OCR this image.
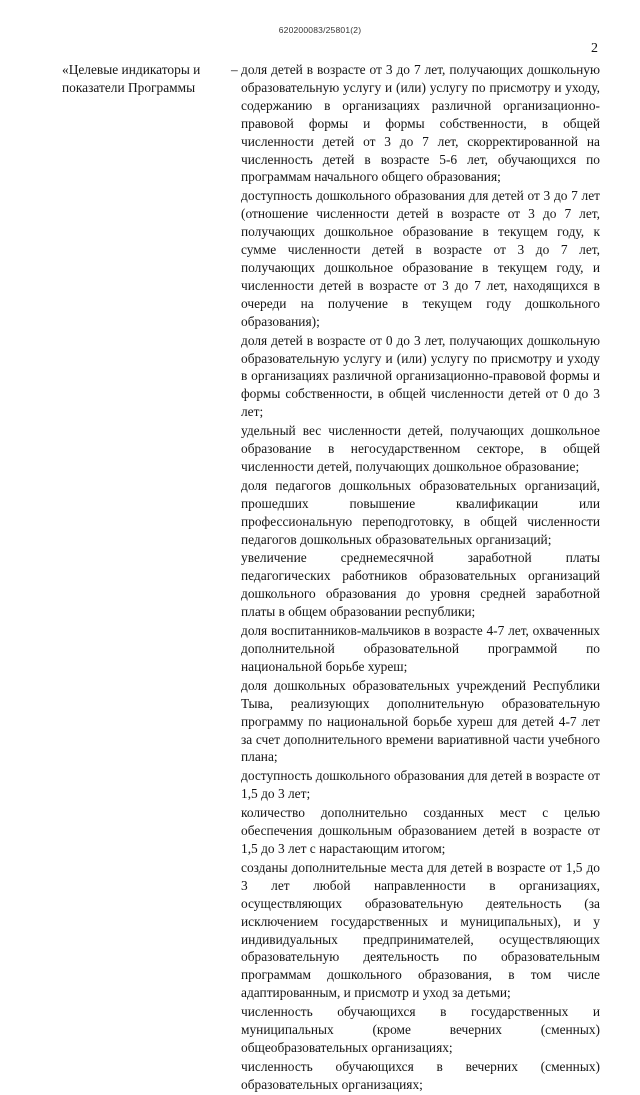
620200083/25801(2)
2
«Целевые индикаторы и показатели Программы
– доля детей в возрасте от 3 до 7 лет, получающих дошкольную образовательную услугу и (или) услугу по присмотру и уходу, содержанию в организациях различной организационно-правовой формы и формы собственности, в общей численности детей от 3 до 7 лет, скорректированной на численность детей в возрасте 5-6 лет, обучающихся по программам начального общего образования;

доступность дошкольного образования для детей от 3 до 7 лет (отношение численности детей в возрасте от 3 до 7 лет, получающих дошкольное образование в текущем году, к сумме численности детей в возрасте от 3 до 7 лет, получающих дошкольное образование в текущем году, и численности детей в возрасте от 3 до 7 лет, находящихся в очереди на получение в текущем году дошкольного образования);

доля детей в возрасте от 0 до 3 лет, получающих дошкольную образовательную услугу и (или) услугу по присмотру и уходу в организациях различной организационно-правовой формы и формы собственности, в общей численности детей от 0 до 3 лет;

удельный вес численности детей, получающих дошкольное образование в негосударственном секторе, в общей численности детей, получающих дошкольное образование;

доля педагогов дошкольных образовательных организаций, прошедших повышение квалификации или профессиональную переподготовку, в общей численности педагогов дошкольных образовательных организаций;

увеличение среднемесячной заработной платы педагогических работников образовательных организаций дошкольного образования до уровня средней заработной платы в общем образовании республики;

доля воспитанников-мальчиков в возрасте 4-7 лет, охваченных дополнительной образовательной программой по национальной борьбе хуреш;

доля дошкольных образовательных учреждений Республики Тыва, реализующих дополнительную образовательную программу по национальной борьбе хуреш для детей 4-7 лет за счет дополнительного времени вариативной части учебного плана;

доступность дошкольного образования для детей в возрасте от 1,5 до 3 лет;

количество дополнительно созданных мест с целью обеспечения дошкольным образованием детей в возрасте от 1,5 до 3 лет с нарастающим итогом;

созданы дополнительные места для детей в возрасте от 1,5 до 3 лет любой направленности в организациях, осуществляющих образовательную деятельность (за исключением государственных и муниципальных), и у индивидуальных предпринимателей, осуществляющих образовательную деятельность по образовательным программам дошкольного образования, в том числе адаптированным, и присмотр и уход за детьми;

численность обучающихся в государственных и муниципальных (кроме вечерних (сменных) общеобразовательных организациях;

численность обучающихся в вечерних (сменных) образовательных организациях;
